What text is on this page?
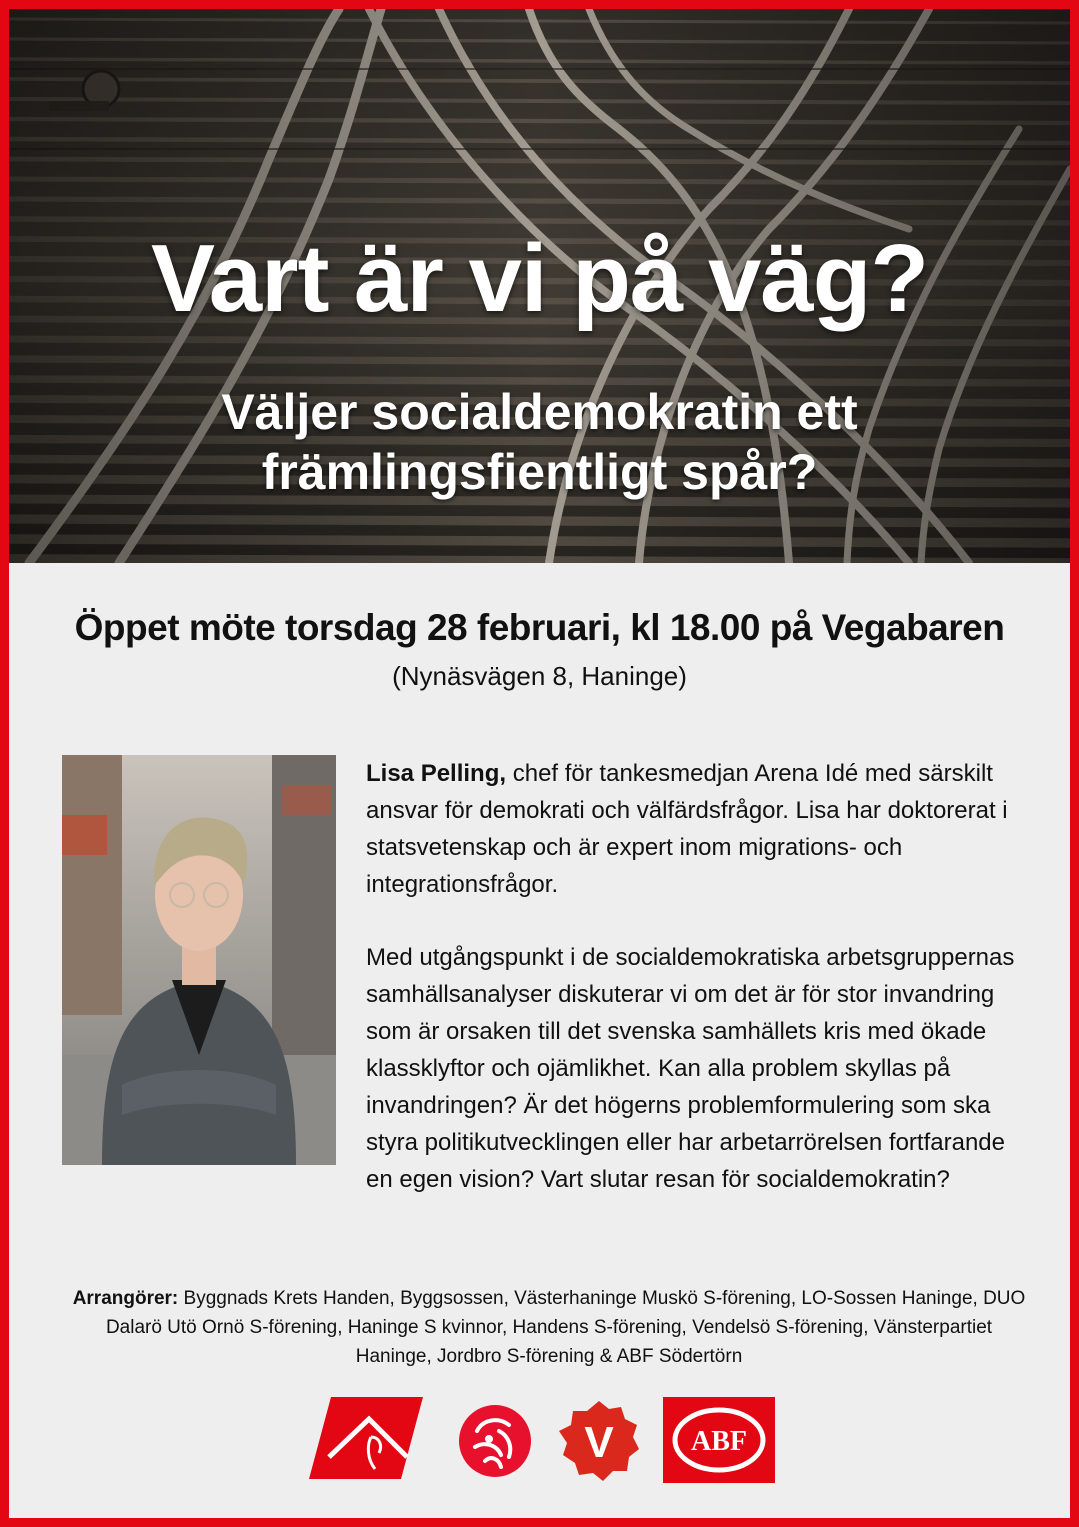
Vart är vi på väg?
Väljer socialdemokratin ett
främlingsfientligt spår?
Öppet möte torsdag 28 februari, kl 18.00 på Vegabaren
(Nynäsvägen 8, Haninge)

Lisa Pelling, chef för tankesmedjan Arena Idé med särskilt ansvar för demokrati och välfärdsfrågor. Lisa har doktorerat i statsvetenskap och är expert inom migrations- och integrationsfrågor.

Med utgångspunkt i de socialdemokratiska arbetsgruppernas samhällsanalyser diskuterar vi om det är för stor invandring som är orsaken till det svenska samhällets kris med ökade klassklyftor och ojämlikhet. Kan alla problem skyllas på invandringen? Är det högerns problemformulering som ska styra politikutvecklingen eller har arbetarrörelsen fortfarande en egen vision? Vart slutar resan för socialdemokratin?

Arrangörer: Byggnads Krets Handen, Byggsossen, Västerhaninge Muskö S-förening, LO-Sossen Haninge, DUO Dalarö Utö Ornö S-förening, Haninge S kvinnor, Handens S-förening, Vendelsö S-förening, Vänsterpartiet Haninge, Jordbro S-förening & ABF Södertörn
V	ABF
